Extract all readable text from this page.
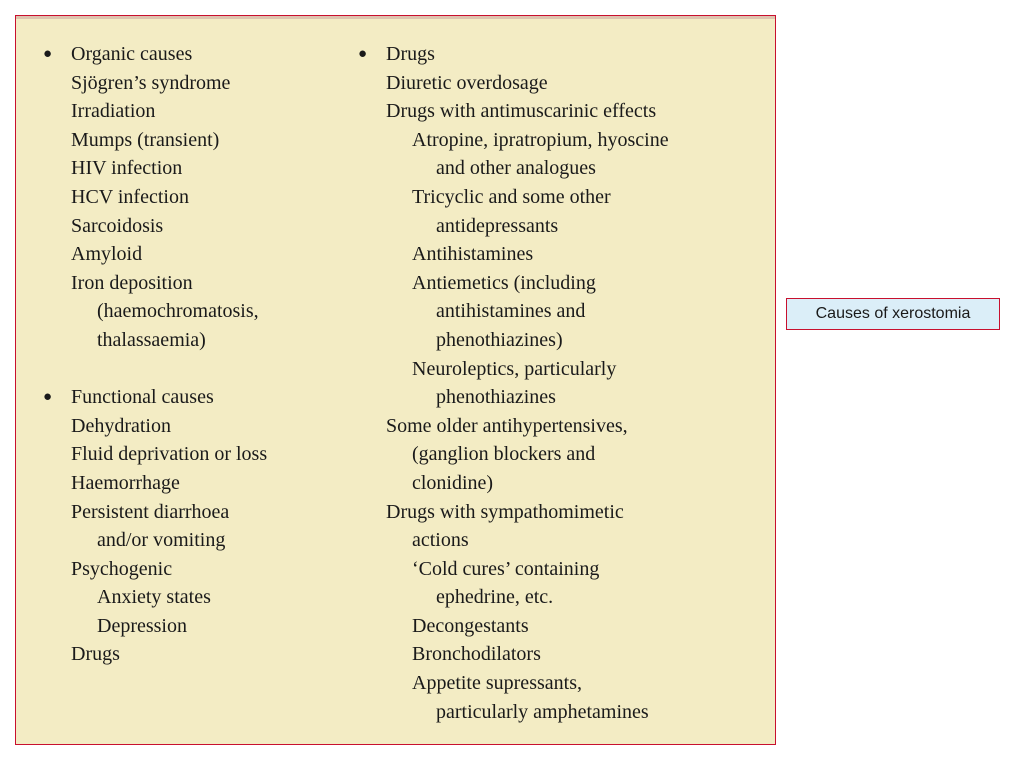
● Organic causes
Sjögren’s syndrome
Irradiation
Mumps (transient)
HIV infection
HCV infection
Sarcoidosis
Amyloid
Iron deposition
(haemochromatosis,
thalassaemia)
● Functional causes
Dehydration
Fluid deprivation or loss
Haemorrhage
Persistent diarrhoea
and/or vomiting
Psychogenic
Anxiety states
Depression
Drugs
● Drugs
Diuretic overdosage
Drugs with antimuscarinic effects
Atropine, ipratropium, hyoscine
and other analogues
Tricyclic and some other
antidepressants
Antihistamines
Antiemetics (including
antihistamines and
phenothiazines)
Neuroleptics, particularly
phenothiazines
Some older antihypertensives,
(ganglion blockers and
clonidine)
Drugs with sympathomimetic
actions
‘Cold cures’ containing
ephedrine, etc.
Decongestants
Bronchodilators
Appetite supressants,
particularly amphetamines
Causes of xerostomia
